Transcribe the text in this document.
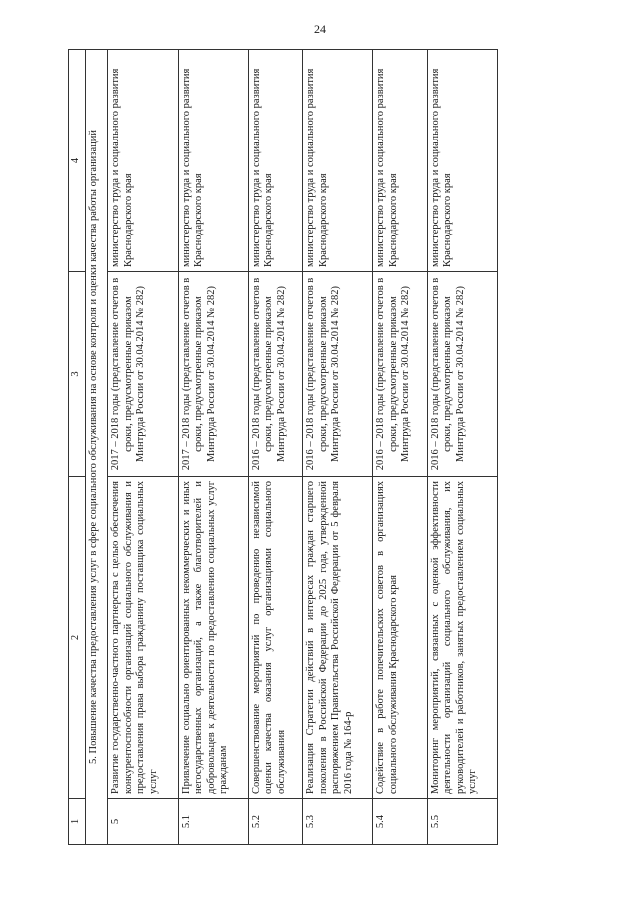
24
1	2	3	4
5. Повышение качества предоставления услуг в сфере социального обслуживания на основе контроля и оценки качества работы организаций			
5	Развитие государственно-частного партнерства с целью обеспечения конкурентоспособности организаций социального обслуживания и предоставления права выбора гражданину поставщика социальных услуг	2017 – 2018 годы (представление отчетов в сроки, предусмотренные приказом Минтруда России от 30.04.2014 № 282)	министерство труда и социального развития Краснодарского края
5.1	Привлечение социально ориентированных некоммерческих и иных негосударственных организаций, а также благотворителей и добровольцев к деятельности по предоставлению социальных услуг гражданам	2017 – 2018 годы (представление отчетов в сроки, предусмотренные приказом Минтруда России от 30.04.2014 № 282)	министерство труда и социального развития Краснодарского края
5.2	Совершенствование мероприятий по проведению независимой оценки качества оказания услуг организациями социального обслуживания	2016 – 2018 годы (представление отчетов в сроки, предусмотренные приказом Минтруда России от 30.04.2014 № 282)	министерство труда и социального развития Краснодарского края
5.3	Реализация Стратегии действий в интересах граждан старшего поколения в Российской Федерации до 2025 года, утвержденной распоряжением Правительства Российской Федерации от 5 февраля 2016 года № 164-р	2016 – 2018 годы (представление отчетов в сроки, предусмотренные приказом Минтруда России от 30.04.2014 № 282)	министерство труда и социального развития Краснодарского края
5.4	Содействие в работе попечительских советов в организациях социального обслуживания Краснодарского края	2016 – 2018 годы (представление отчетов в сроки, предусмотренные приказом Минтруда России от 30.04.2014 № 282)	министерство труда и социального развития Краснодарского края
5.5	Мониторинг мероприятий, связанных с оценкой эффективности деятельности организаций социального обслуживания, их руководителей и работников, занятых предоставлением социальных услуг	2016 – 2018 годы (представление отчетов в сроки, предусмотренные приказом Минтруда России от 30.04.2014 № 282)	министерство труда и социального развития Краснодарского края
